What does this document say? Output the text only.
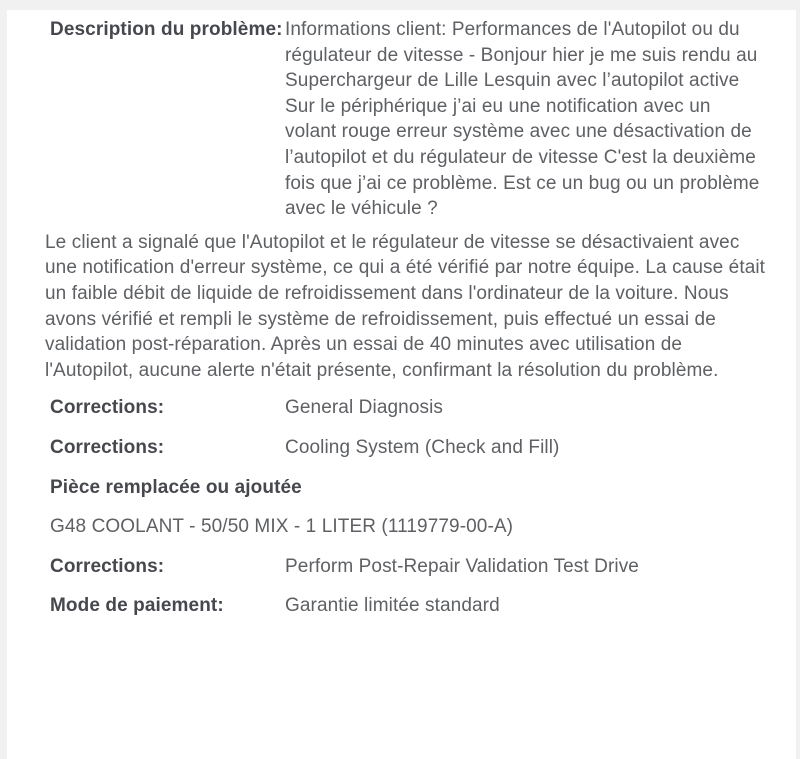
Description du problème: Informations client: Performances de l'Autopilot ou du régulateur de vitesse - Bonjour hier je me suis rendu au Superchargeur de Lille Lesquin avec l’autopilot active Sur le périphérique j’ai eu une notification avec un volant rouge erreur système avec une désactivation de l’autopilot et du régulateur de vitesse C'est la deuxième fois que j’ai ce problème. Est ce un bug ou un problème avec le véhicule ?
Le client a signalé que l'Autopilot et le régulateur de vitesse se désactivaient avec une notification d'erreur système, ce qui a été vérifié par notre équipe. La cause était un faible débit de liquide de refroidissement dans l'ordinateur de la voiture. Nous avons vérifié et rempli le système de refroidissement, puis effectué un essai de validation post-réparation. Après un essai de 40 minutes avec utilisation de l'Autopilot, aucune alerte n'était présente, confirmant la résolution du problème.
Corrections:	General Diagnosis
Corrections:	Cooling System (Check and Fill)
Pièce remplacée ou ajoutée
G48 COOLANT - 50/50 MIX - 1 LITER (1119779-00-A)
Corrections:	Perform Post-Repair Validation Test Drive
Mode de paiement:	Garantie limitée standard
